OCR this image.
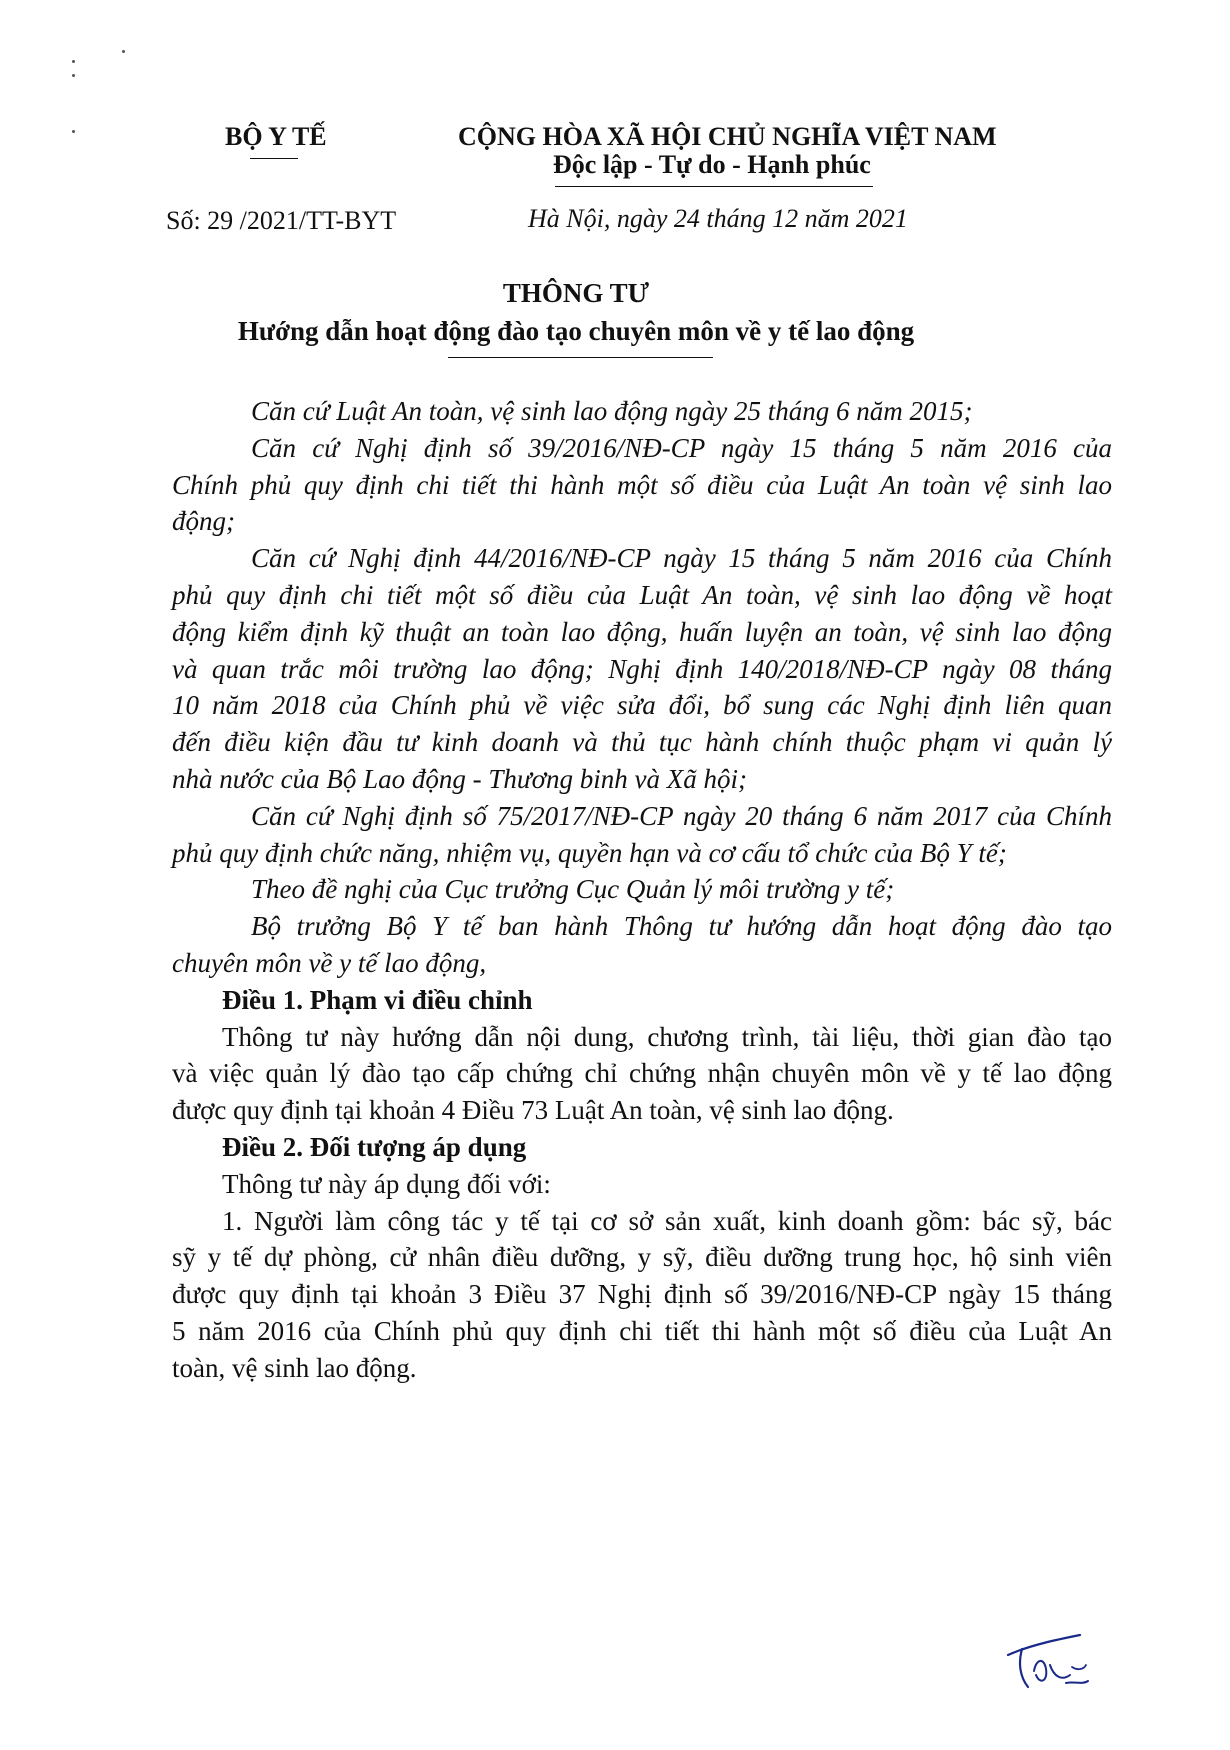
BỘ Y TẾ	CỘNG HÒA XÃ HỘI CHỦ NGHĨA VIỆT NAM
Độc lập - Tự do - Hạnh phúc
Số: 29 /2021/TT-BYT	Hà Nội, ngày 24 tháng 12 năm 2021
THÔNG TƯ
Hướng dẫn hoạt động đào tạo chuyên môn về y tế lao động
Căn cứ Luật An toàn, vệ sinh lao động ngày 25 tháng 6 năm 2015;
Căn cứ Nghị định số 39/2016/NĐ-CP ngày 15 tháng 5 năm 2016 của
Chính phủ quy định chi tiết thi hành một số điều của Luật An toàn vệ sinh lao
động;
Căn cứ Nghị định 44/2016/NĐ-CP ngày 15 tháng 5 năm 2016 của Chính
phủ quy định chi tiết một số điều của Luật An toàn, vệ sinh lao động về hoạt
động kiểm định kỹ thuật an toàn lao động, huấn luyện an toàn, vệ sinh lao động
và quan trắc môi trường lao động; Nghị định 140/2018/NĐ-CP ngày 08 tháng
10 năm 2018 của Chính phủ về việc sửa đổi, bổ sung các Nghị định liên quan
đến điều kiện đầu tư kinh doanh và thủ tục hành chính thuộc phạm vi quản lý
nhà nước của Bộ Lao động - Thương binh và Xã hội;
Căn cứ Nghị định số 75/2017/NĐ-CP ngày 20 tháng 6 năm 2017 của Chính
phủ quy định chức năng, nhiệm vụ, quyền hạn và cơ cấu tổ chức của Bộ Y tế;
Theo đề nghị của Cục trưởng Cục Quản lý môi trường y tế;
Bộ trưởng Bộ Y tế ban hành Thông tư hướng dẫn hoạt động đào tạo
chuyên môn về y tế lao động,
Điều 1. Phạm vi điều chỉnh
Thông tư này hướng dẫn nội dung, chương trình, tài liệu, thời gian đào tạo
và việc quản lý đào tạo cấp chứng chỉ chứng nhận chuyên môn về y tế lao động
được quy định tại khoản 4 Điều 73 Luật An toàn, vệ sinh lao động.
Điều 2. Đối tượng áp dụng
Thông tư này áp dụng đối với:
1. Người làm công tác y tế tại cơ sở sản xuất, kinh doanh gồm: bác sỹ, bác
sỹ y tế dự phòng, cử nhân điều dưỡng, y sỹ, điều dưỡng trung học, hộ sinh viên
được quy định tại khoản 3 Điều 37 Nghị định số 39/2016/NĐ-CP ngày 15 tháng
5 năm 2016 của Chính phủ quy định chi tiết thi hành một số điều của Luật An
toàn, vệ sinh lao động.
